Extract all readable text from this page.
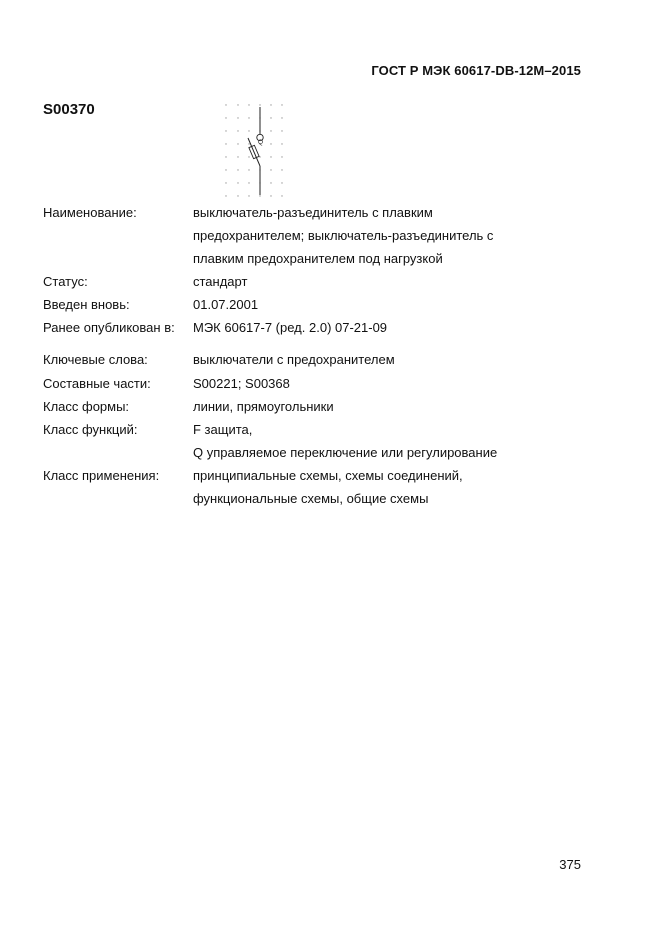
ГОСТ Р МЭК 60617-DB-12M–2015
S00370
Q
Наименование:	выключатель-разъединитель с плавким
предохранителем; выключатель-разъединитель с
плавким предохранителем под нагрузкой
Статус:	стандарт
Введен вновь:	01.07.2001
Ранее опубликован в: МЭК 60617-7 (ред. 2.0) 07-21-09
Ключевые слова:	выключатели с предохранителем
Составные части:	S00221; S00368
Класс формы:	линии, прямоугольники
Класс функций:	F защита,
Q управляемое переключение или регулирование
Класс применения:	принципиальные схемы, схемы соединений,
функциональные схемы, общие схемы
375
